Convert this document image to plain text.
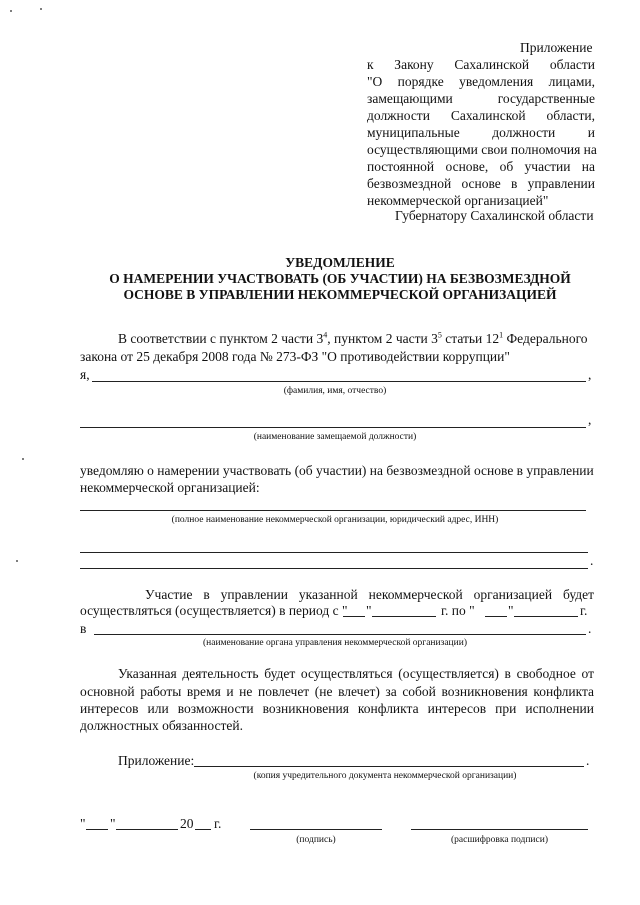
Приложение
к Закону Сахалинской области
"О порядке уведомления лицами,
замещающими государственные
должности Сахалинской области,
муниципальные должности и
осуществляющими свои полномочия на
постоянной основе, об участии на
безвозмездной основе в управлении
некоммерческой организацией"
Губернатору Сахалинской области
УВЕДОМЛЕНИЕ
О НАМЕРЕНИИ УЧАСТВОВАТЬ (ОБ УЧАСТИИ) НА БЕЗВОЗМЕЗДНОЙ
ОСНОВЕ В УПРАВЛЕНИИ НЕКОММЕРЧЕСКОЙ ОРГАНИЗАЦИЕЙ
В соответствии с пунктом 2 части $3^4$, пунктом 2 части $3^5$ статьи $12^1$ Федерального
закона от 25 декабря 2008 года № 273-ФЗ "О противодействии коррупции"
я,	,
(фамилия, имя, отчество)
,
(наименование замещаемой должности)
уведомляю о намерении участвовать (об участии) на безвозмездной основе в управлении
некоммерческой организацией:
(полное наименование некоммерческой организации, юридический адрес, ИНН)
.
Участие в управлении указанной некоммерческой организацией будет
осуществляться (осуществляется) в период с " "	г. по " "	г.
в	.
(наименование органа управления некоммерческой организации)
Указанная деятельность будет осуществляться (осуществляется) в свободное от
основной работы время и не повлечет (не влечет) за собой возникновения конфликта
интересов или возможности возникновения конфликта интересов при исполнении
должностных обязанностей.
Приложение:	.
(копия учредительного документа некоммерческой организации)
" "	20 г.
(подпись)	(расшифровка подписи)
